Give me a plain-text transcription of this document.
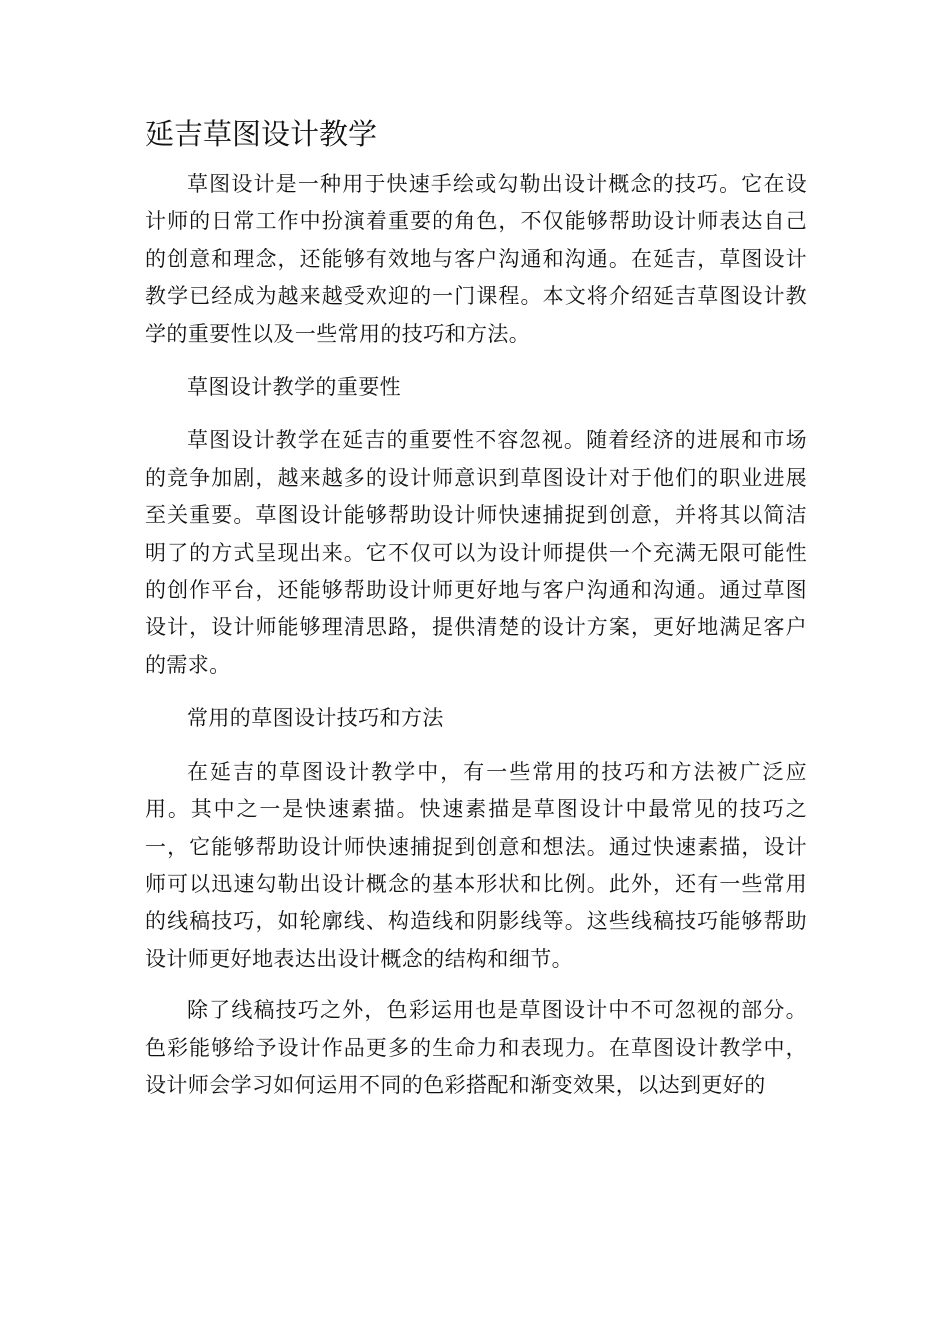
延吉草图设计教学

草图设计是一种用于快速手绘或勾勒出设计概念的技巧。它在设计师的日常工作中扮演着重要的角色，不仅能够帮助设计师表达自己的创意和理念，还能够有效地与客户沟通和沟通。在延吉，草图设计教学已经成为越来越受欢迎的一门课程。本文将介绍延吉草图设计教学的重要性以及一些常用的技巧和方法。

草图设计教学的重要性

草图设计教学在延吉的重要性不容忽视。随着经济的进展和市场的竞争加剧，越来越多的设计师意识到草图设计对于他们的职业进展至关重要。草图设计能够帮助设计师快速捕捉到创意，并将其以简洁明了的方式呈现出来。它不仅可以为设计师提供一个充满无限可能性的创作平台，还能够帮助设计师更好地与客户沟通和沟通。通过草图设计，设计师能够理清思路，提供清楚的设计方案，更好地满足客户的需求。

常用的草图设计技巧和方法

在延吉的草图设计教学中，有一些常用的技巧和方法被广泛应用。其中之一是快速素描。快速素描是草图设计中最常见的技巧之一，它能够帮助设计师快速捕捉到创意和想法。通过快速素描，设计师可以迅速勾勒出设计概念的基本形状和比例。此外，还有一些常用的线稿技巧，如轮廓线、构造线和阴影线等。这些线稿技巧能够帮助设计师更好地表达出设计概念的结构和细节。

除了线稿技巧之外，色彩运用也是草图设计中不可忽视的部分。色彩能够给予设计作品更多的生命力和表现力。在草图设计教学中，设计师会学习如何运用不同的色彩搭配和渐变效果，以达到更好的
